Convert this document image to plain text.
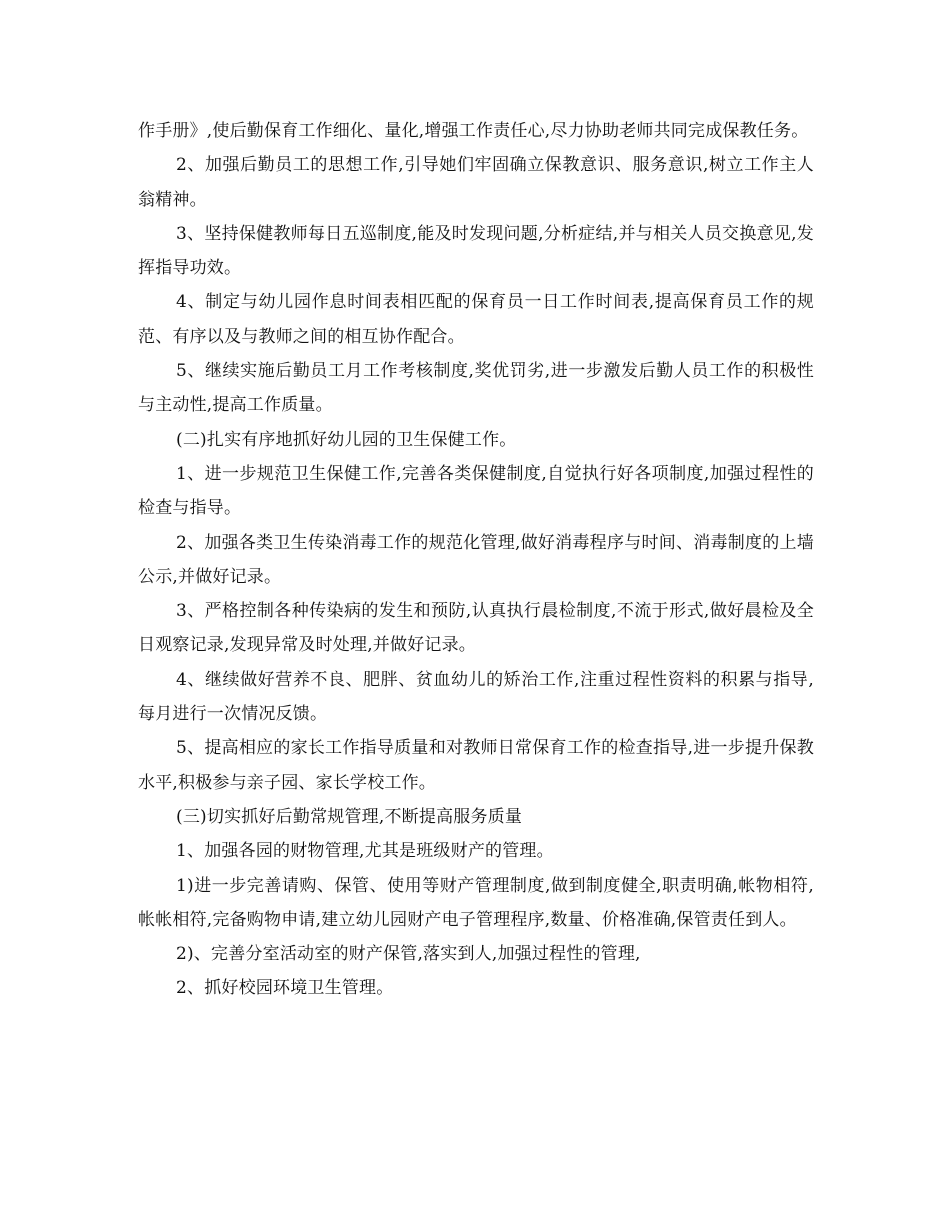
作手册》,使后勤保育工作细化、量化,增强工作责任心,尽力协助老师共同完成保教任务。

2、加强后勤员工的思想工作,引导她们牢固确立保教意识、服务意识,树立工作主人翁精神。

3、坚持保健教师每日五巡制度,能及时发现问题,分析症结,并与相关人员交换意见,发挥指导功效。

4、制定与幼儿园作息时间表相匹配的保育员一日工作时间表,提高保育员工作的规范、有序以及与教师之间的相互协作配合。

5、继续实施后勤员工月工作考核制度,奖优罚劣,进一步激发后勤人员工作的积极性与主动性,提高工作质量。

(二)扎实有序地抓好幼儿园的卫生保健工作。

1、进一步规范卫生保健工作,完善各类保健制度,自觉执行好各项制度,加强过程性的检查与指导。

2、加强各类卫生传染消毒工作的规范化管理,做好消毒程序与时间、消毒制度的上墙公示,并做好记录。

3、严格控制各种传染病的发生和预防,认真执行晨检制度,不流于形式,做好晨检及全日观察记录,发现异常及时处理,并做好记录。

4、继续做好营养不良、肥胖、贫血幼儿的矫治工作,注重过程性资料的积累与指导,每月进行一次情况反馈。

5、提高相应的家长工作指导质量和对教师日常保育工作的检查指导,进一步提升保教水平,积极参与亲子园、家长学校工作。

(三)切实抓好后勤常规管理,不断提高服务质量

1、加强各园的财物管理,尤其是班级财产的管理。

1)进一步完善请购、保管、使用等财产管理制度,做到制度健全,职责明确,帐物相符,帐帐相符,完备购物申请,建立幼儿园财产电子管理程序,数量、价格准确,保管责任到人。

2)、完善分室活动室的财产保管,落实到人,加强过程性的管理,

2、抓好校园环境卫生管理。
